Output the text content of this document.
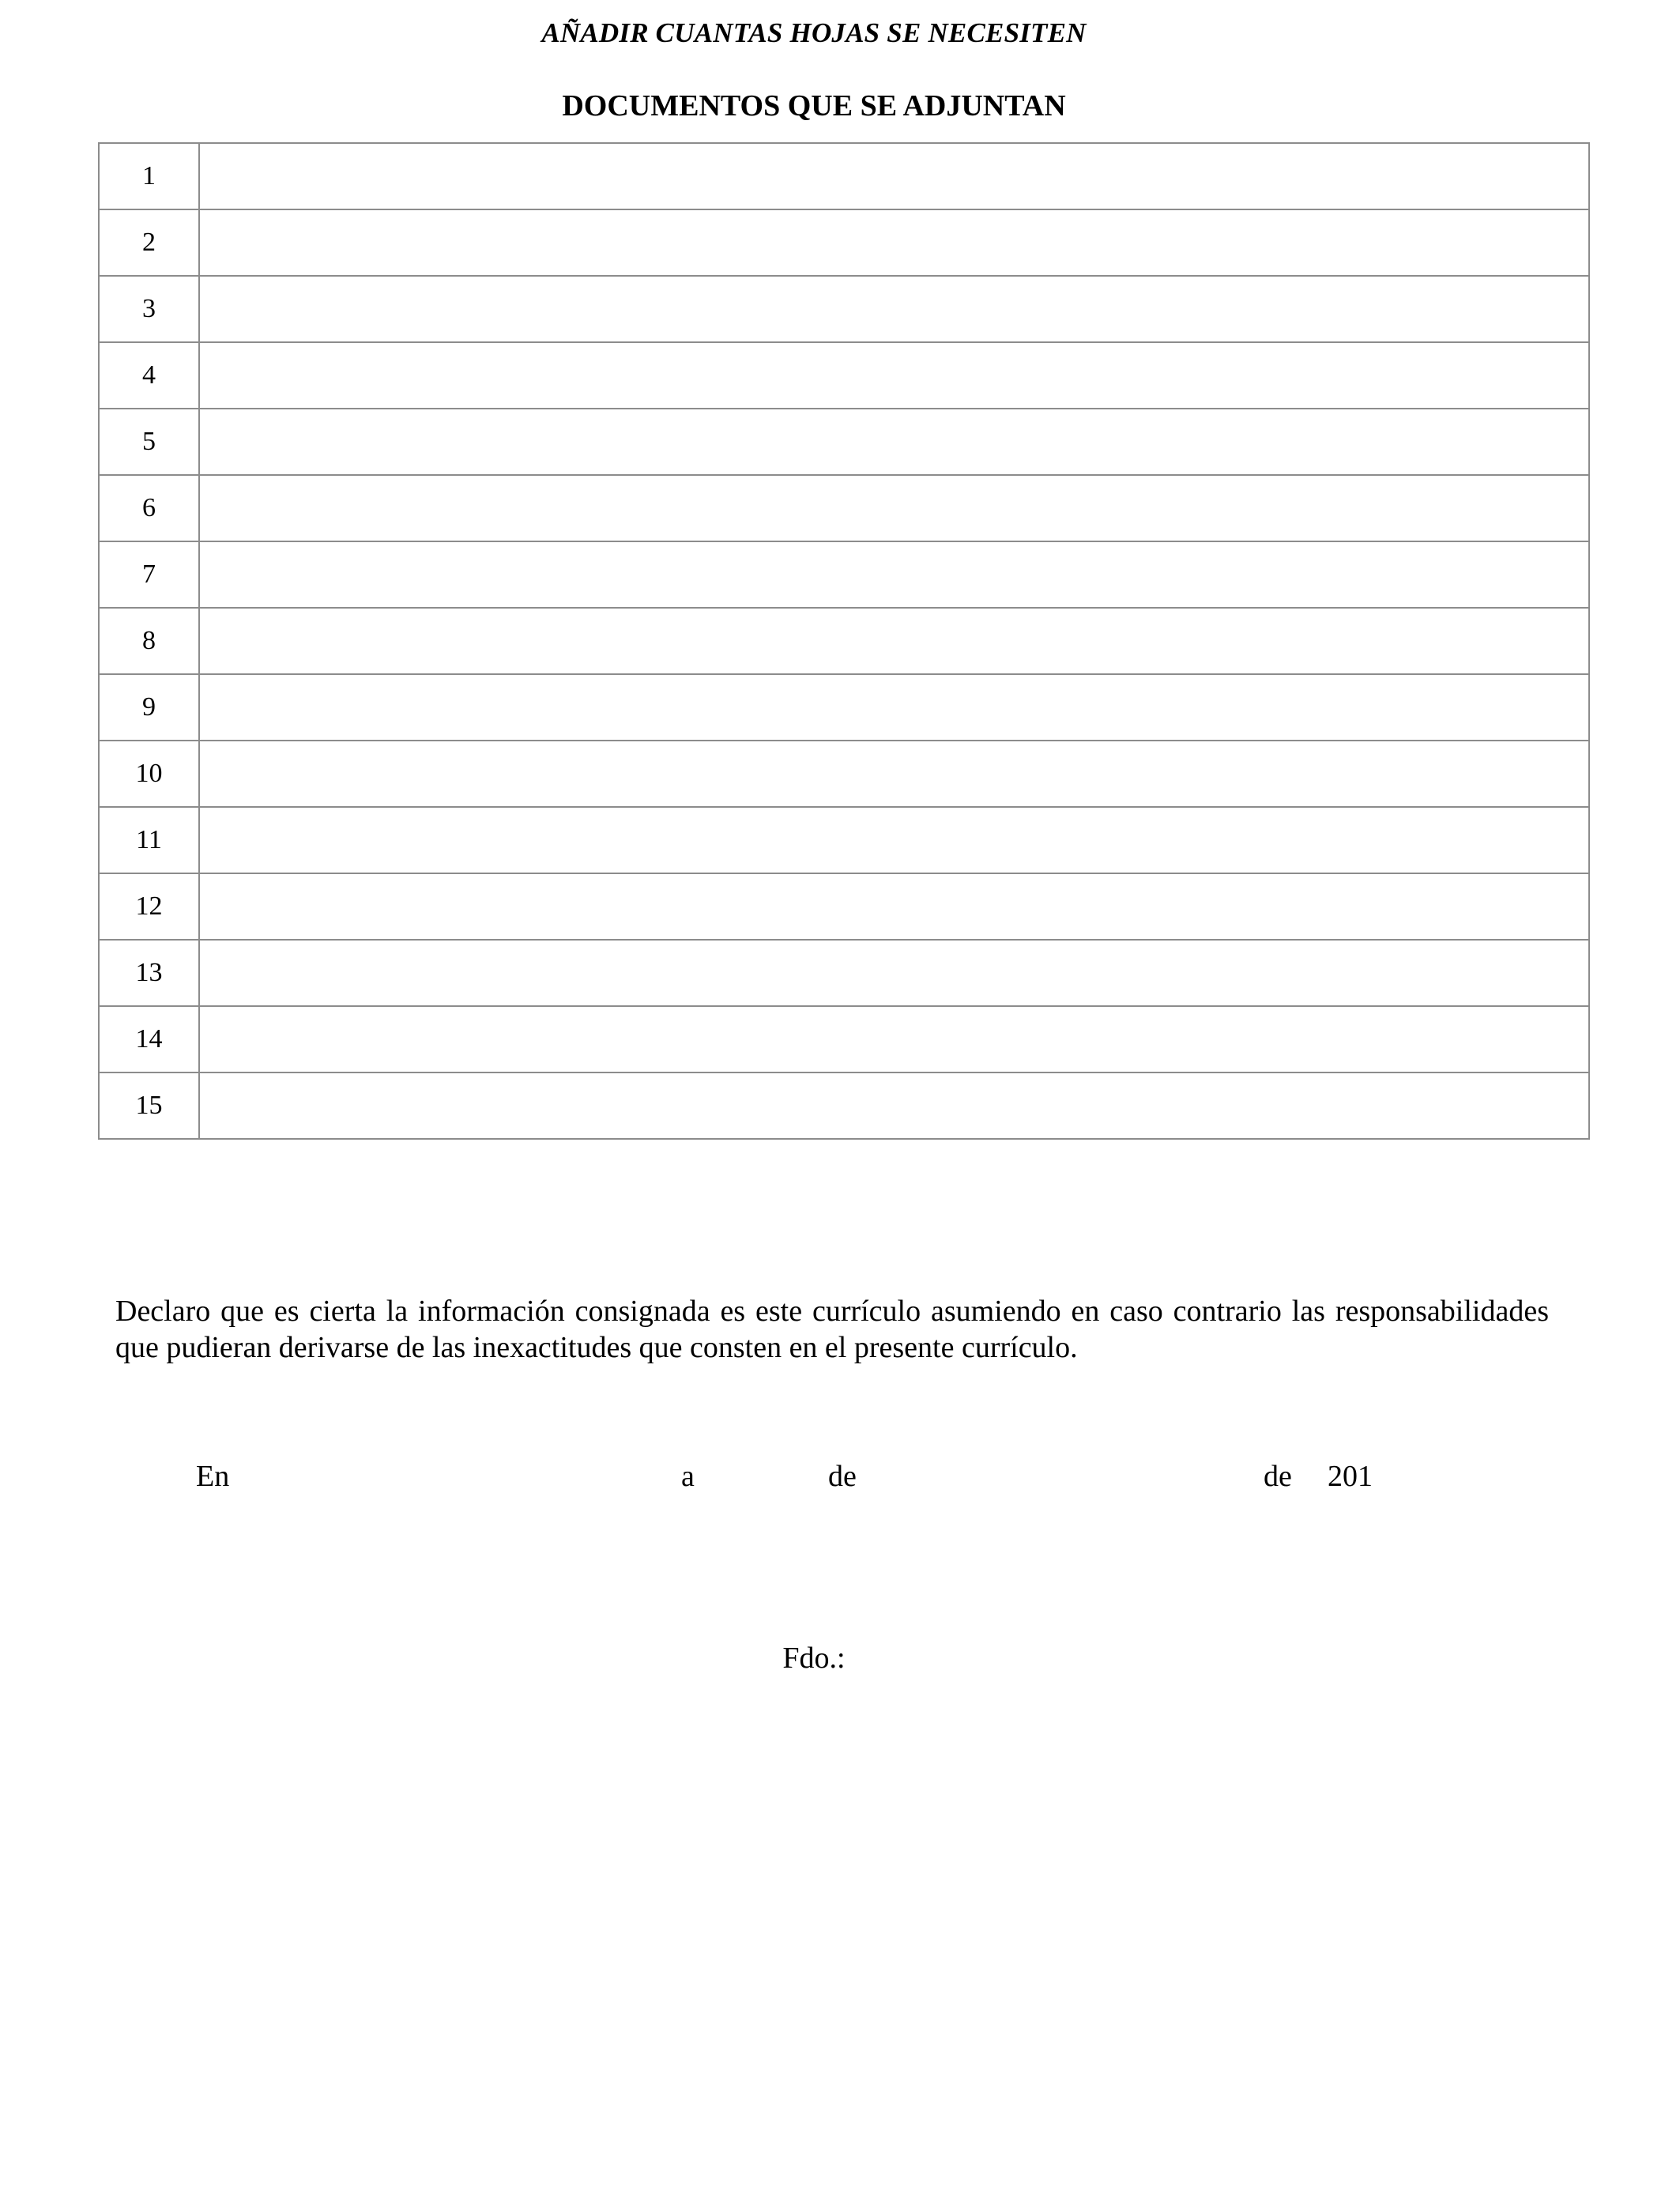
AÑADIR CUANTAS HOJAS SE NECESITEN
DOCUMENTOS QUE SE ADJUNTAN
1	
2	
3	
4	
5	
6	
7	
8	
9	
10	
11	
12	
13	
14	
15	
Declaro que es cierta la información consignada es este currículo asumiendo en caso contrario las responsabilidades que pudieran derivarse de las inexactitudes que consten en el presente currículo.
En	a	de	de 201
Fdo.:
